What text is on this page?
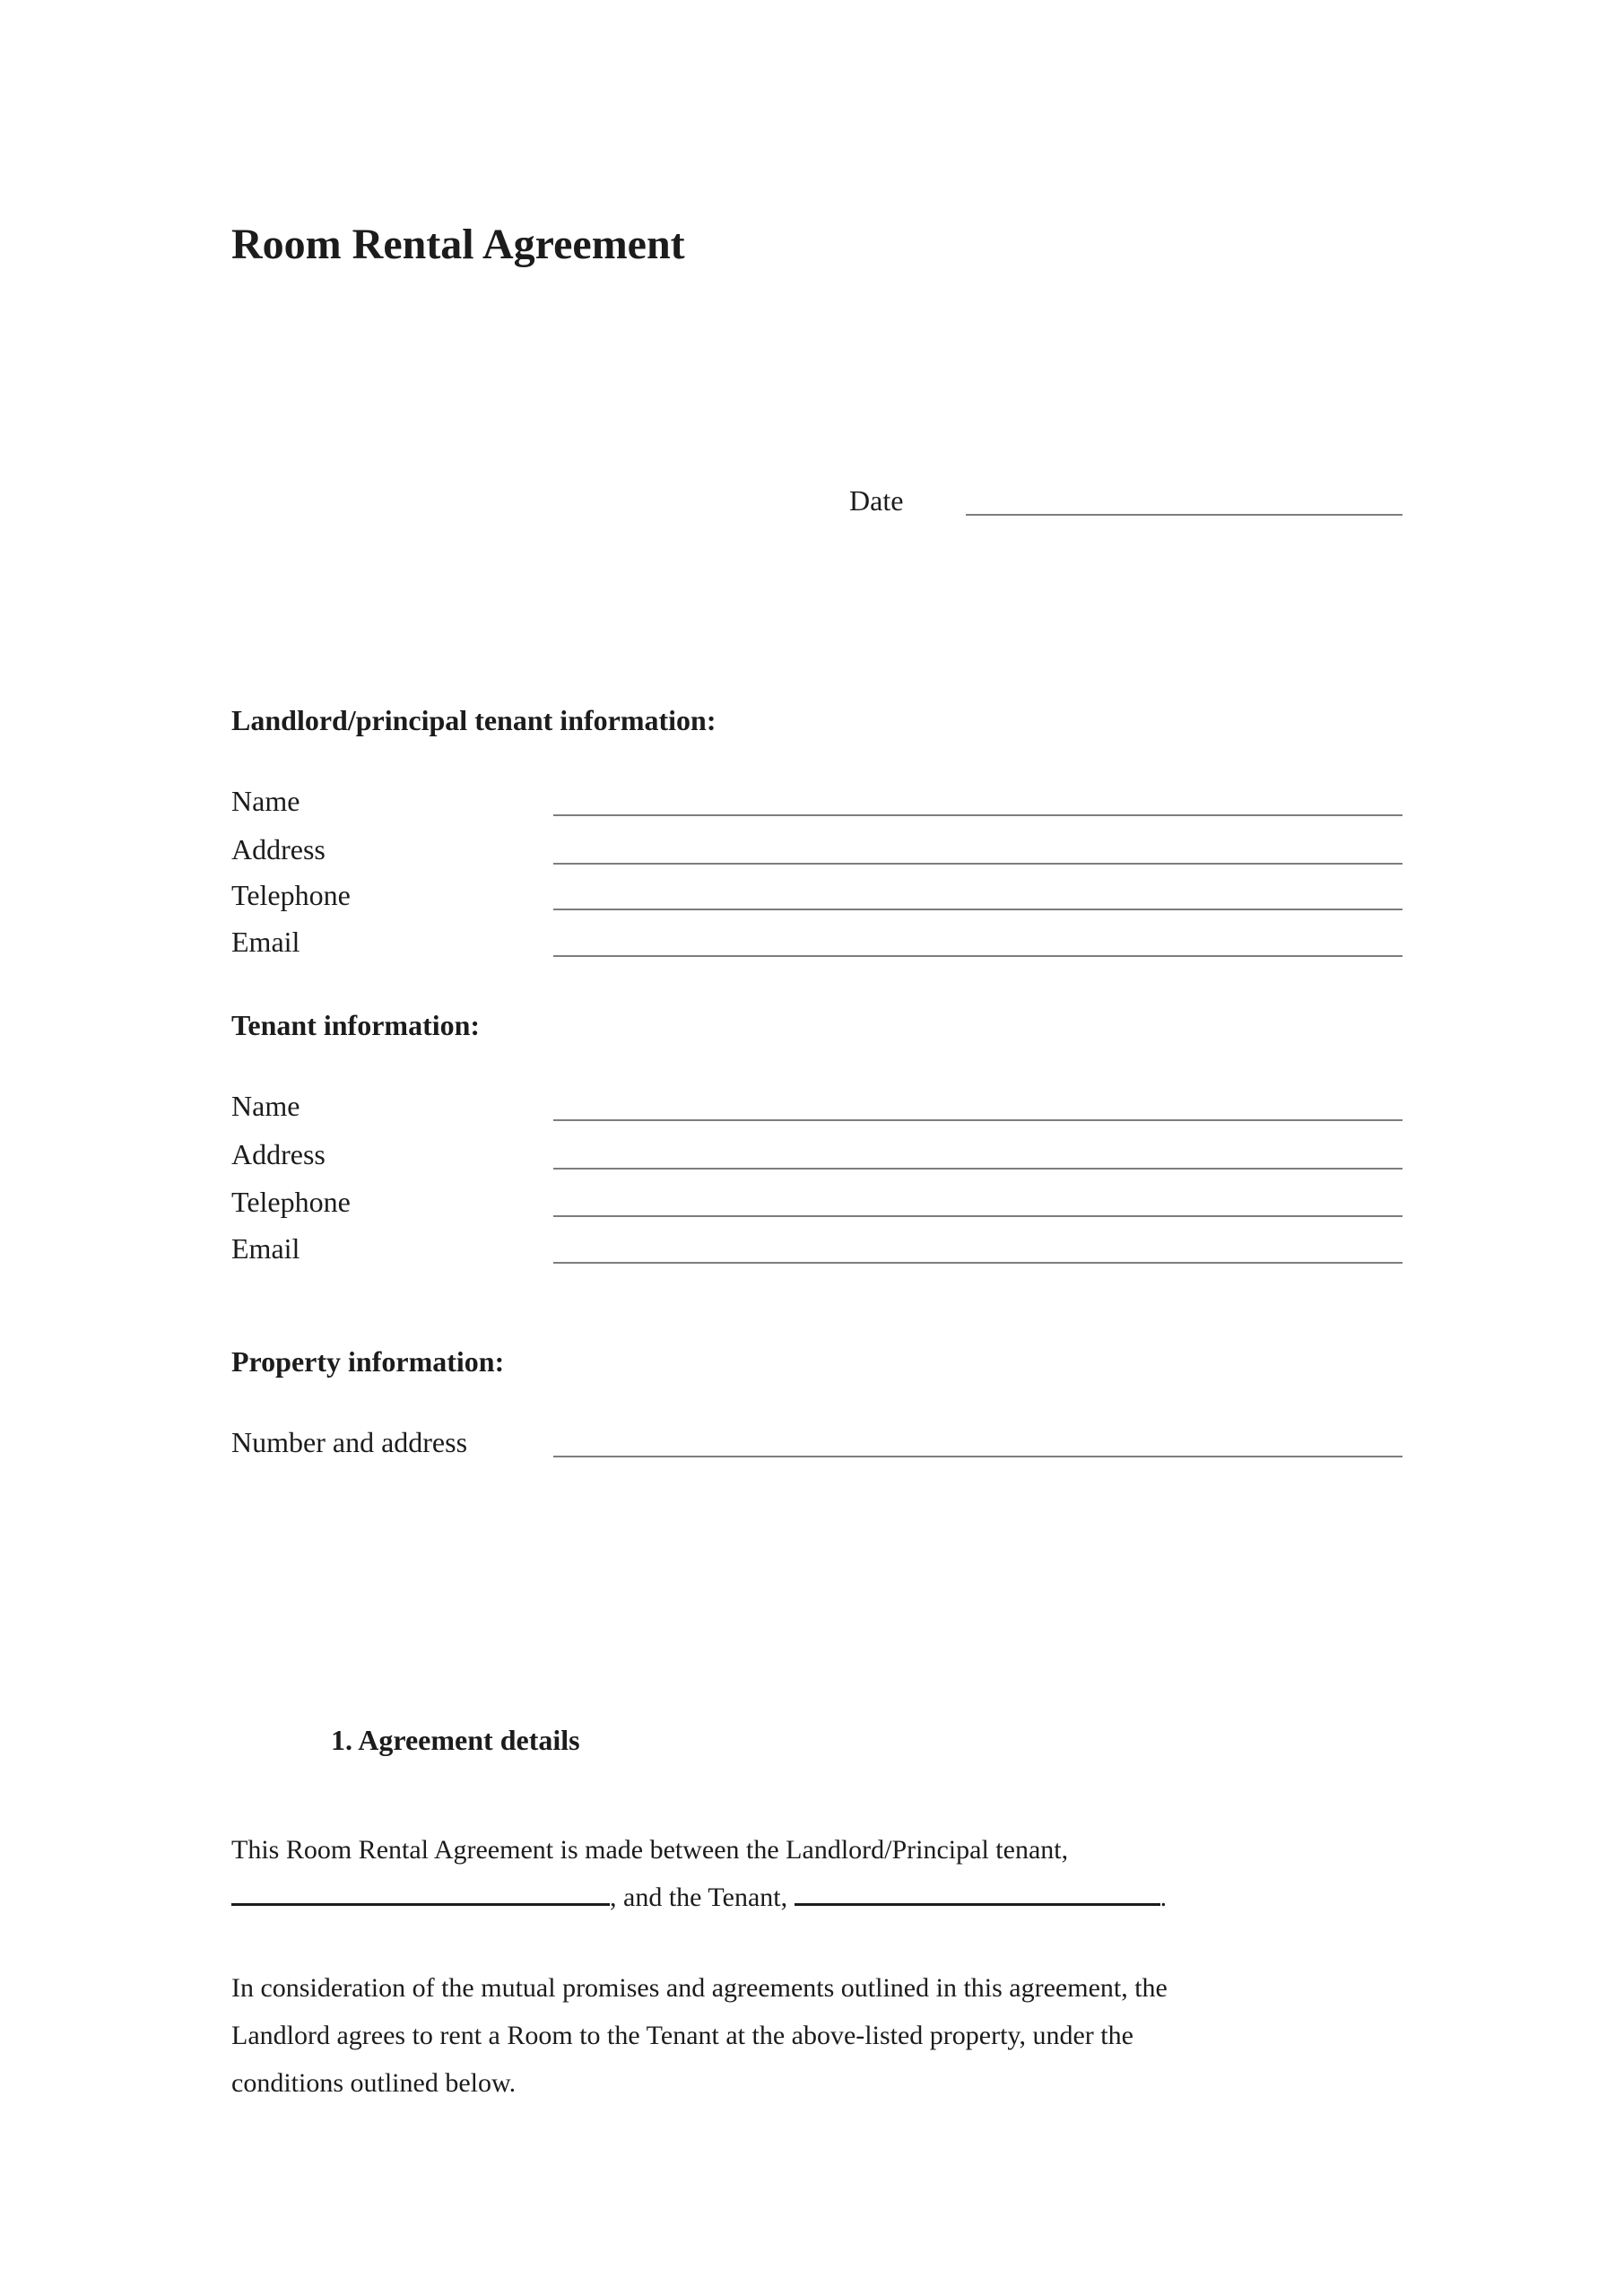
Room Rental Agreement
Date
Landlord/principal tenant information:
Name
Address
Telephone
Email
Tenant information:
Name
Address
Telephone
Email
Property information:
Number and address
1. Agreement details

This Room Rental Agreement is made between the Landlord/Principal tenant,
, and the Tenant,	.

In consideration of the mutual promises and agreements outlined in this agreement, the
Landlord agrees to rent a Room to the Tenant at the above-listed property, under the
conditions outlined below.
